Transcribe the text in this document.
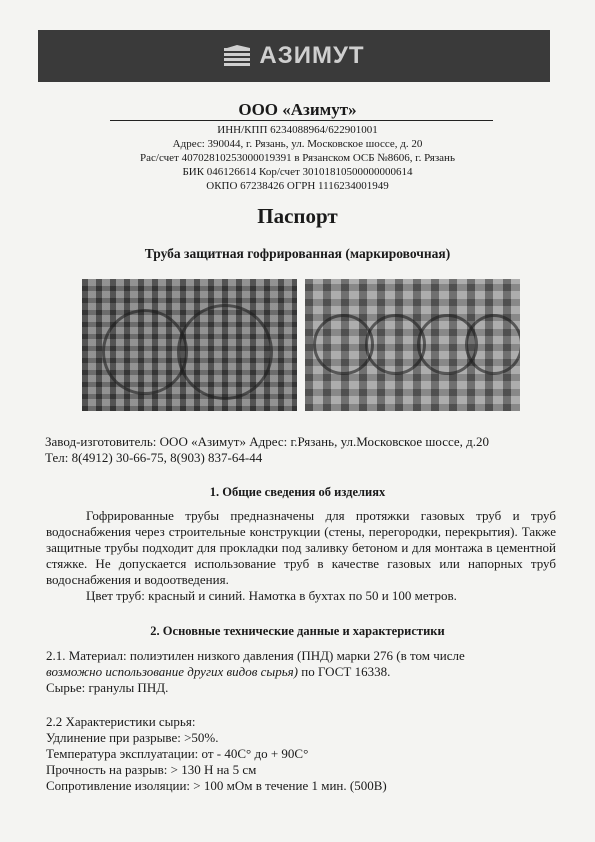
АЗИМУТ
ООО «Азимут»
ИНН/КПП 6234088964/622901001
Адрес: 390044, г. Рязань, ул. Московское шоссе, д. 20
Рас/счет 40702810253000019391 в Рязанском ОСБ №8606, г. Рязань
БИК 046126614 Кор/счет 30101810500000000614
ОКПО 67238426 ОГРН 1116234001949
Паспорт
Труба защитная гофрированная (маркировочная)
Завод-изготовитель: ООО «Азимут» Адрес: г.Рязань, ул.Московское шоссе, д.20
Тел: 8(4912) 30-66-75, 8(903) 837-64-44
1. Общие сведения об изделиях

Гофрированные трубы предназначены для протяжки газовых труб и труб водоснабжения через строительные конструкции (стены, перегородки, перекрытия). Также защитные трубы подходит для прокладки под заливку бетоном и для монтажа в цементной стяжке. Не допускается использование труб в качестве газовых или напорных труб водоснабжения и водоотведения.

Цвет труб: красный и синий. Намотка в бухтах по 50 и 100 метров.

2. Основные технические данные и характеристики

2.1. Материал: полиэтилен низкого давления (ПНД) марки 276 (в том числе

возможно использование других видов сырья) по ГОСТ 16338.

Сырье: гранулы ПНД.

2.2 Характеристики сырья:
Удлинение при разрыве: >50%.
Температура эксплуатации: от - 40С° до + 90С°
Прочность на разрыв: > 130 Н на 5 см
Сопротивление изоляции: > 100 мОм в течение 1 мин. (500В)
